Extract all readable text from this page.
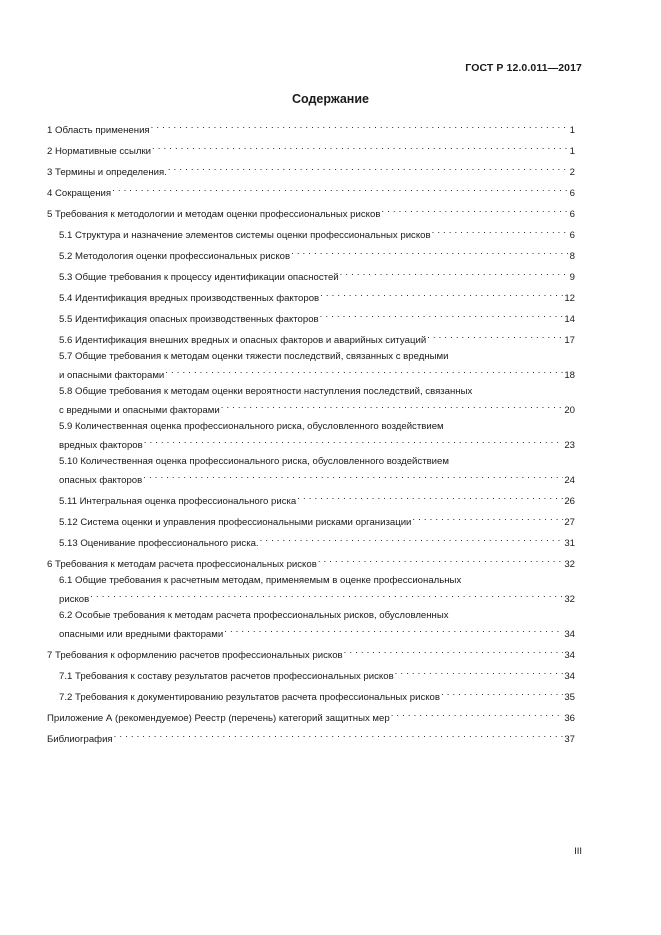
ГОСТ Р 12.0.011—2017
Содержание
1 Область применения . . .	1
2 Нормативные ссылки . . .	1
3 Термины и определения. . . .	2
4 Сокращения . . .	6
5 Требования к методологии и методам оценки профессиональных рисков . . .	6
5.1 Структура и назначение элементов системы оценки профессиональных рисков . . .	6
5.2 Методология оценки профессиональных рисков . . .	8
5.3 Общие требования к процессу идентификации опасностей . . .	9
5.4 Идентификация вредных производственных факторов . . .	12
5.5 Идентификация опасных производственных факторов . . .	14
5.6 Идентификация внешних вредных и опасных факторов и аварийных ситуаций . . .	17
5.7 Общие требования к методам оценки тяжести последствий, связанных с вредными
и опасными факторами . . .	18
5.8 Общие требования к методам оценки вероятности наступления последствий, связанных
с вредными и опасными факторами . . .	20
5.9 Количественная оценка профессионального риска, обусловленного воздействием
вредных факторов . . .	23
5.10 Количественная оценка профессионального риска, обусловленного воздействием
опасных факторов . . .	24
5.11 Интегральная оценка профессионального риска . . .	26
5.12 Система оценки и управления профессиональными рисками организации . . .	27
5.13 Оценивание профессионального риска. . . .	31
6 Требования к методам расчета профессиональных рисков . . .	32
6.1 Общие требования к расчетным методам, применяемым в оценке профессиональных
рисков . . .	32
6.2 Особые требования к методам расчета профессиональных рисков, обусловленных
опасными или вредными факторами . . .	34
7 Требования к оформлению расчетов профессиональных рисков . . .	34
7.1 Требования к составу результатов расчетов профессиональных рисков . . .	34
7.2 Требования к документированию результатов расчета профессиональных рисков . . .	35
Приложение А (рекомендуемое) Реестр (перечень) категорий защитных мер . . .	36
Библиография . . .	37
III
